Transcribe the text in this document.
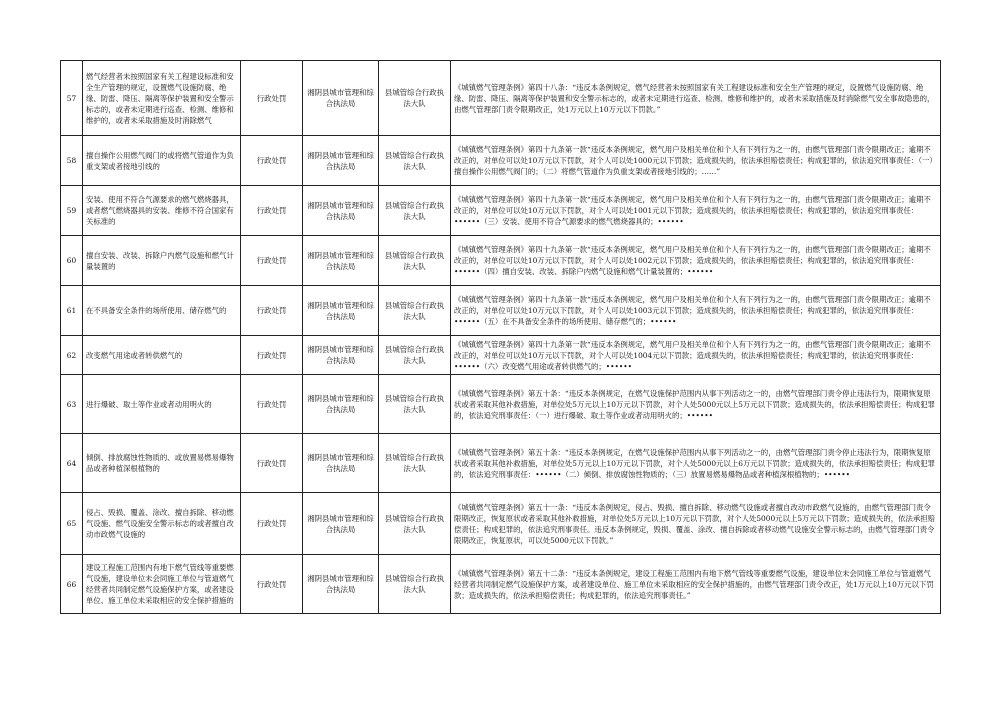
57	燃气经营者未按照国家有关工程建设标准和安全生产管理的规定，设置燃气设施防腐、绝缘、防雷、降压、隔离等保护装置和安全警示标志的，或者未定期进行巡查、检测、维修和维护的，或者未采取措施及时消除燃气	行政处罚	湘阴县城市管理和综合执法局	县城管综合行政执法大队	《城镇燃气管理条例》第四十八条：“违反本条例规定，燃气经营者未按照国家有关工程建设标准和安全生产管理的规定，设置燃气设施防腐、绝缘、防雷、降压、隔离等保护装置和安全警示标志的，或者未定期进行巡查、检测、维修和维护的，或者未采取措施及时消除燃气安全事故隐患的，由燃气管理部门责令限期改正，处1万元以上10万元以下罚款。”

58	擅自操作公用燃气阀门的或将燃气管道作为负重支架或者接地引线的	行政处罚	湘阴县城市管理和综合执法局	县城管综合行政执法大队	《城镇燃气管理条例》第四十九条第一款“违反本条例规定，燃气用户及相关单位和个人有下列行为之一的，由燃气管理部门责令限期改正；逾期不改正的，对单位可以处10万元以下罚款，对个人可以处1000元以下罚款；造成损失的，依法承担赔偿责任；构成犯罪的，依法追究刑事责任：（一）擅自操作公用燃气阀门的；（二）将燃气管道作为负重支架或者接地引线的；……”

59	安装、使用不符合气源要求的燃气燃烧器具，或者燃气燃烧器具的安装、维修不符合国家有关标准的	行政处罚	湘阴县城市管理和综合执法局	县城管综合行政执法大队	《城镇燃气管理条例》第四十九条第一款“违反本条例规定，燃气用户及相关单位和个人有下列行为之一的，由燃气管理部门责令限期改正；逾期不改正的，对单位可以处10万元以下罚款，对个人可以处1001元以下罚款；造成损失的，依法承担赔偿责任；构成犯罪的，依法追究刑事责任：••••••（三）安装、使用不符合气源要求的燃气燃烧器具的；••••••

60	擅自安装、改装、拆除户内燃气设施和燃气计量装置的	行政处罚	湘阴县城市管理和综合执法局	县城管综合行政执法大队	《城镇燃气管理条例》第四十九条第一款“违反本条例规定，燃气用户及相关单位和个人有下列行为之一的，由燃气管理部门责令限期改正；逾期不改正的，对单位可以处10万元以下罚款，对个人可以处1002元以下罚款；造成损失的，依法承担赔偿责任；构成犯罪的，依法追究刑事责任：••••••（四）擅自安装、改装、拆除户内燃气设施和燃气计量装置的；••••••

61	在不具备安全条件的场所使用、储存燃气的	行政处罚	湘阴县城市管理和综合执法局	县城管综合行政执法大队	《城镇燃气管理条例》第四十九条第一款“违反本条例规定，燃气用户及相关单位和个人有下列行为之一的，由燃气管理部门责令限期改正；逾期不改正的，对单位可以处10万元以下罚款，对个人可以处1003元以下罚款；造成损失的，依法承担赔偿责任；构成犯罪的，依法追究刑事责任：••••••（五）在不具备安全条件的场所使用、储存燃气的；••••••

62	改变燃气用途或者转供燃气的	行政处罚	湘阴县城市管理和综合执法局	县城管综合行政执法大队	《城镇燃气管理条例》第四十九条第一款“违反本条例规定，燃气用户及相关单位和个人有下列行为之一的，由燃气管理部门责令限期改正；逾期不改正的，对单位可以处10万元以下罚款，对个人可以处1004元以下罚款；造成损失的，依法承担赔偿责任；构成犯罪的，依法追究刑事责任：••••••（六）改变燃气用途或者转供燃气的；••••••

63	进行爆破、取土等作业或者动用明火的	行政处罚	湘阴县城市管理和综合执法局	县城管综合行政执法大队	《城镇燃气管理条例》第五十条：“违反本条例规定，在燃气设施保护范围内从事下列活动之一的，由燃气管理部门责令停止违法行为，限期恢复原状或者采取其他补救措施，对单位处5万元以上10万元以下罚款，对个人处5000元以上5万元以下罚款；造成损失的，依法承担赔偿责任；构成犯罪的，依法追究刑事责任：（一）进行爆破、取土等作业或者动用明火的；••••••

64	倾倒、排放腐蚀性物质的、或放置易燃易爆物品或者种植深根植物的	行政处罚	湘阴县城市管理和综合执法局	县城管综合行政执法大队	《城镇燃气管理条例》第五十条：“违反本条例规定，在燃气设施保护范围内从事下列活动之一的，由燃气管理部门责令停止违法行为，限期恢复原状或者采取其他补救措施，对单位处5万元以上10万元以下罚款，对个人处5000元以上6万元以下罚款；造成损失的，依法承担赔偿责任；构成犯罪的，依法追究刑事责任：••••••（二）倾倒、排放腐蚀性物质的；（三）放置易燃易爆物品或者种植深根植物的；••••••

65	侵占、毁损、覆盖、涂改、擅自拆除、移动燃气设施、燃气设施安全警示标志的或者擅自改动市政燃气设施的	行政处罚	湘阴县城市管理和综合执法局	县城管综合行政执法大队	《城镇燃气管理条例》第五十一条：“违反本条例规定，侵占、毁损、擅自拆除、移动燃气设施或者擅自改动市政燃气设施的，由燃气管理部门责令限期改正，恢复原状或者采取其他补救措施，对单位处5万元以上10万元以下罚款，对个人处5000元以上5万元以下罚款；造成损失的，依法承担赔偿责任；构成犯罪的，依法追究刑事责任。违反本条例规定，毁损、覆盖、涂改、擅自拆除或者移动燃气设施安全警示标志的，由燃气管理部门责令限期改正，恢复原状，可以处5000元以下罚款。”

66	建设工程施工范围内有地下燃气管线等重要燃气设施，建设单位未会同施工单位与管道燃气经营者共同制定燃气设施保护方案，或者建设单位、施工单位未采取相应的安全保护措施的	行政处罚	湘阴县城市管理和综合执法局	县城管综合行政执法大队	《城镇燃气管理条例》第五十二条：“违反本条例规定，建设工程施工范围内有地下燃气管线等重要燃气设施，建设单位未会同施工单位与管道燃气经营者共同制定燃气设施保护方案，或者建设单位、施工单位未采取相应的安全保护措施的，由燃气管理部门责令改正，处1万元以上10万元以下罚款；造成损失的，依法承担赔偿责任；构成犯罪的，依法追究刑事责任。”
